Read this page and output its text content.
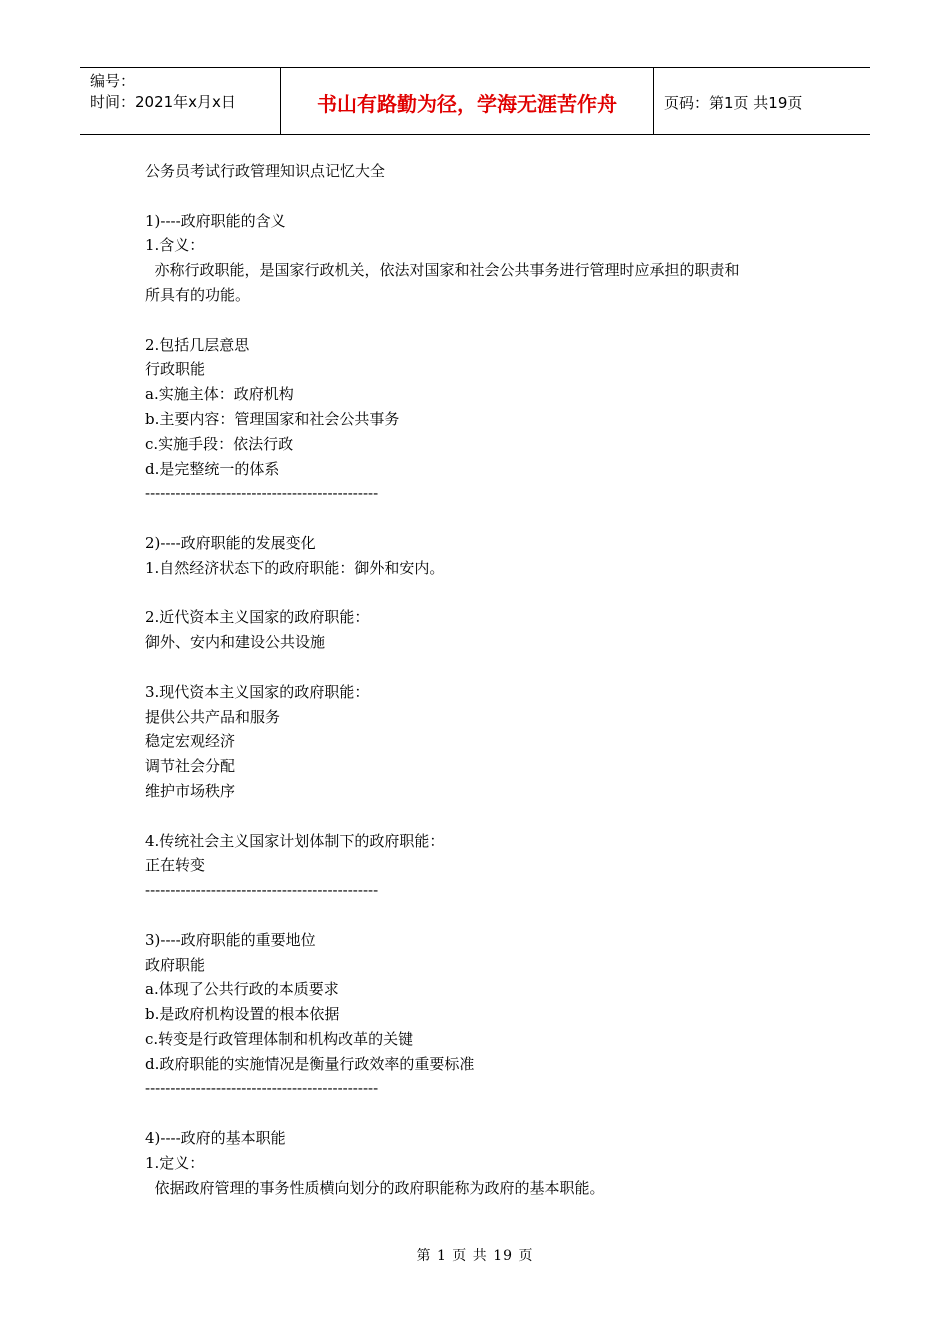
编号：
时间：2021年x月x日	书山有路勤为径，学海无涯苦作舟	页码：第1页 共19页
公务员考试行政管理知识点记忆大全
1)----政府职能的含义
1.含义：
亦称行政职能，是国家行政机关，依法对国家和社会公共事务进行管理时应承担的职责和
所具有的功能。
2.包括几层意思
行政职能
a.实施主体：政府机构
b.主要内容：管理国家和社会公共事务
c.实施手段：依法行政
d.是完整统一的体系
----------------------------------------------
2)----政府职能的发展变化
1.自然经济状态下的政府职能：御外和安内。
2.近代资本主义国家的政府职能：
御外、安内和建设公共设施
3.现代资本主义国家的政府职能：
提供公共产品和服务
稳定宏观经济
调节社会分配
维护市场秩序
4.传统社会主义国家计划体制下的政府职能：
正在转变
----------------------------------------------
3)----政府职能的重要地位
政府职能
a.体现了公共行政的本质要求
b.是政府机构设置的根本依据
c.转变是行政管理体制和机构改革的关键
d.政府职能的实施情况是衡量行政效率的重要标准
----------------------------------------------
4)----政府的基本职能
1.定义：
依据政府管理的事务性质横向划分的政府职能称为政府的基本职能。
第 1 页 共 19 页
